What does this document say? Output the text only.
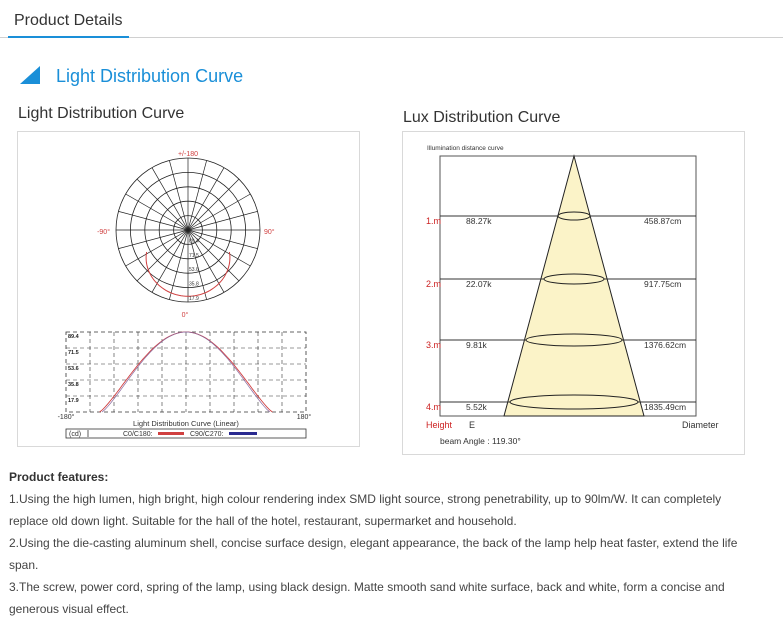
Product Details
Light Distribution Curve
Light Distribution Curve	Lux Distribution Curve
+/-180
-90°	90°
0°
89.4
71.5
53.6
35.8
17.9
89.4
71.5
53.6
35.8
17.9
-180°	180°
Light Distribution Curve (Linear)
(cd)	C0/C180:	C90/C270:
Illumination distance curve
1.m	88.27k	458.87cm
2.m	22.07k	917.75cm
3.m	9.81k	1376.62cm
4.m	5.52k	1835.49cm
Height E	Diameter
beam Angle : 119.30°
Product features:
1.Using the high lumen, high bright, high colour rendering index SMD light source, strong penetrability, up to 90lm/W. It can completely
replace old down light. Suitable for the hall of the hotel, restaurant, supermarket and household.
2.Using the die-casting aluminum shell, concise surface design, elegant appearance, the back of the lamp help heat faster, extend the life
span.
3.The screw, power cord, spring of the lamp, using black design. Matte smooth sand white surface, back and white, form a concise and
generous visual effect.
